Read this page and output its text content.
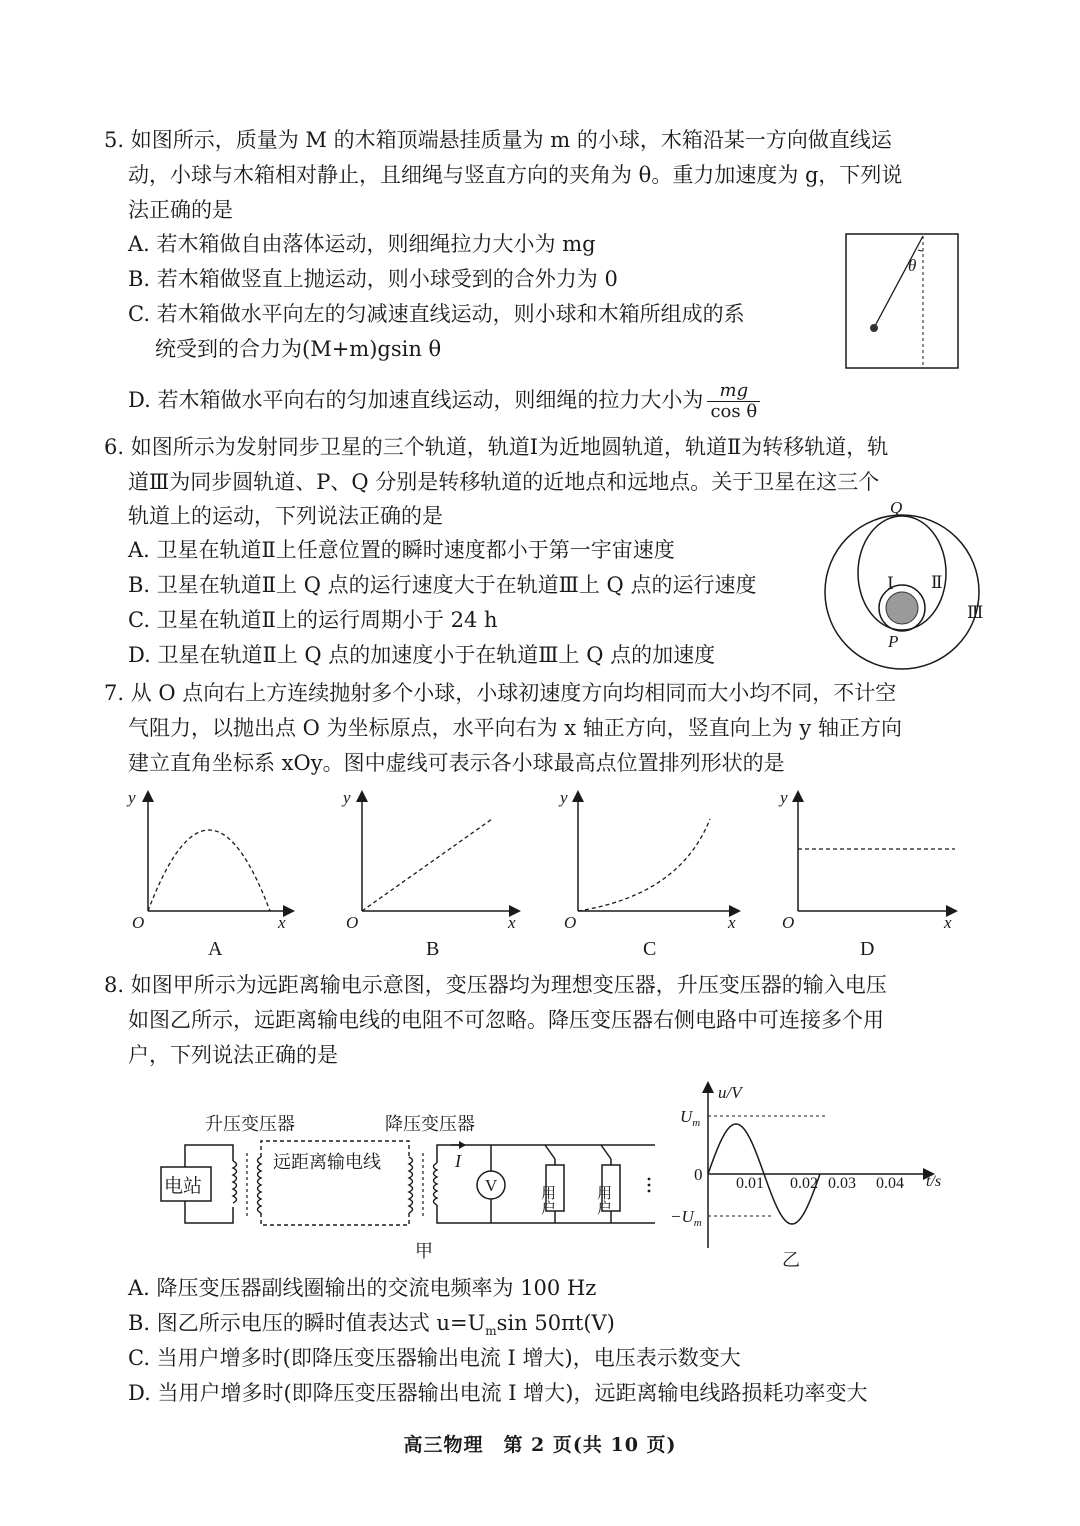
5. 如图所示，质量为 M 的木箱顶端悬挂质量为 m 的小球，木箱沿某一方向做直线运
动，小球与木箱相对静止，且细绳与竖直方向的夹角为 θ。重力加速度为 g，下列说
法正确的是
A. 若木箱做自由落体运动，则细绳拉力大小为 mg
B. 若木箱做竖直上抛运动，则小球受到的合外力为 0
C. 若木箱做水平向左的匀减速直线运动，则小球和木箱所组成的系
统受到的合力为(M+m)gsin θ
D. 若木箱做水平向右的匀加速直线运动，则细绳的拉力大小为 $\frac{mg}{\text{cos θ}}$
θ
6. 如图所示为发射同步卫星的三个轨道，轨道Ⅰ为近地圆轨道，轨道Ⅱ为转移轨道，轨
道Ⅲ为同步圆轨道、P、Q 分别是转移轨道的近地点和远地点。关于卫星在这三个
轨道上的运动，下列说法正确的是
A. 卫星在轨道Ⅱ上任意位置的瞬时速度都小于第一宇宙速度
B. 卫星在轨道Ⅱ上 Q 点的运行速度大于在轨道Ⅲ上 Q 点的运行速度
C. 卫星在轨道Ⅱ上的运行周期小于 24 h
D. 卫星在轨道Ⅱ上 Q 点的加速度小于在轨道Ⅲ上 Q 点的加速度
Q
P
Ⅰ Ⅱ
Ⅲ
7. 从 O 点向右上方连续抛射多个小球，小球初速度方向均相同而大小均不同，不计空
气阻力，以抛出点 O 为坐标原点，水平向右为 x 轴正方向，竖直向上为 y 轴正方向
建立直角坐标系 xOy。图中虚线可表示各小球最高点位置排列形状的是
y
x
O
A
y
x
O
B
y
x
O
C
y
x
O
D
8. 如图甲所示为远距离输电示意图，变压器均为理想变压器，升压变压器的输入电压
如图乙所示，远距离输电线的电阻不可忽略。降压变压器右侧电路中可连接多个用
户，下列说法正确的是
升压变压器	降压变压器
电站
远距离输电线	I
V	用户	用户
甲
u/V
t/s
$U_m$
$-U_m$
0 0.01 0.02 0.03 0.04
乙
A. 降压变压器副线圈输出的交流电频率为 100 Hz
B. 图乙所示电压的瞬时值表达式 $u=U_m\sin$ 50πt(V)
C. 当用户增多时(即降压变压器输出电流 I 增大)，电压表示数变大
D. 当用户增多时(即降压变压器输出电流 I 增大)，远距离输电线路损耗功率变大
高三物理　第 2 页(共 10 页)
